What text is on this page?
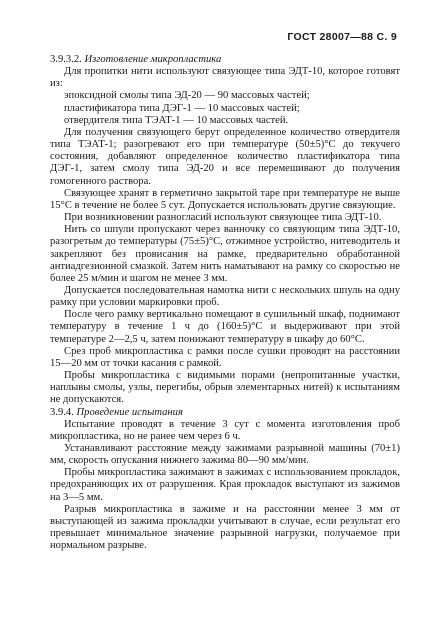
ГОСТ 28007—88 С. 9

3.9.3.2. Изготовление микропластика

Для пропитки нити используют связующее типа ЭДТ-10, которое готовят из:

эпоксидной смолы типа ЭД-20 — 90 массовых частей;

пластификатора типа ДЭГ-1 — 10 массовых частей;

отвердителя типа ТЭАТ-1 — 10 массовых частей.

Для получения связующего берут определенное количество отвердителя типа ТЭАТ-1; разогревают его при температуре (50±5)°С до текучего состояния, добавляют определенное количество пластификатора типа ДЭГ-1, затем смолу типа ЭД-20 и все перемешивают до получения гомогенного раствора.

Связующее хранят в герметично закрытой таре при температуре не выше 15°С в течение не более 5 сут. Допускается использовать другие связующие.

При возникновении разногласий используют связующее типа ЭДТ-10.

Нить со шпули пропускают через ванночку со связующим типа ЭДТ-10, разогретым до температуры (75±5)°С, отжимное устройство, нитеводитель и закрепляют без провисания на рамке, предварительно обработанной антиадгезионной смазкой. Затем нить наматывают на рамку со скоростью не более 25 м/мин и шагом не менее 3 мм.

Допускается последовательная намотка нити с нескольких шпуль на одну рамку при условии маркировки проб.

После чего рамку вертикально помещают в сушильный шкаф, поднимают температуру в течение 1 ч до (160±5)°С и выдерживают при этой температуре 2—2,5 ч, затем понижают температуру в шкафу до 60°С.

Срез проб микропластика с рамки после сушки проводят на расстоянии 15—20 мм от точки касания с рамкой.

Пробы микропластика с видимыми порами (непропитанные участки, наплывы смолы, узлы, перегибы, обрыв элементарных нитей) к испытаниям не допускаются.

3.9.4. Проведение испытания

Испытание проводят в течение 3 сут с момента изготовления проб микропластика, но не ранее чем через 6 ч.

Устанавливают расстояние между зажимами разрывной машины (70±1) мм, скорость опускания нижнего зажима 80—90 мм/мин.

Пробы микропластика зажимают в зажимах с использованием прокладок, предохраняющих их от разрушения. Края прокладок выступают из зажимов на 3—5 мм.

Разрыв микропластика в зажиме и на расстоянии менее 3 мм от выступающей из зажима прокладки учитывают в случае, если результат его превышает минимальное значение разрывной нагрузки, получаемое при нормальном разрыве.
